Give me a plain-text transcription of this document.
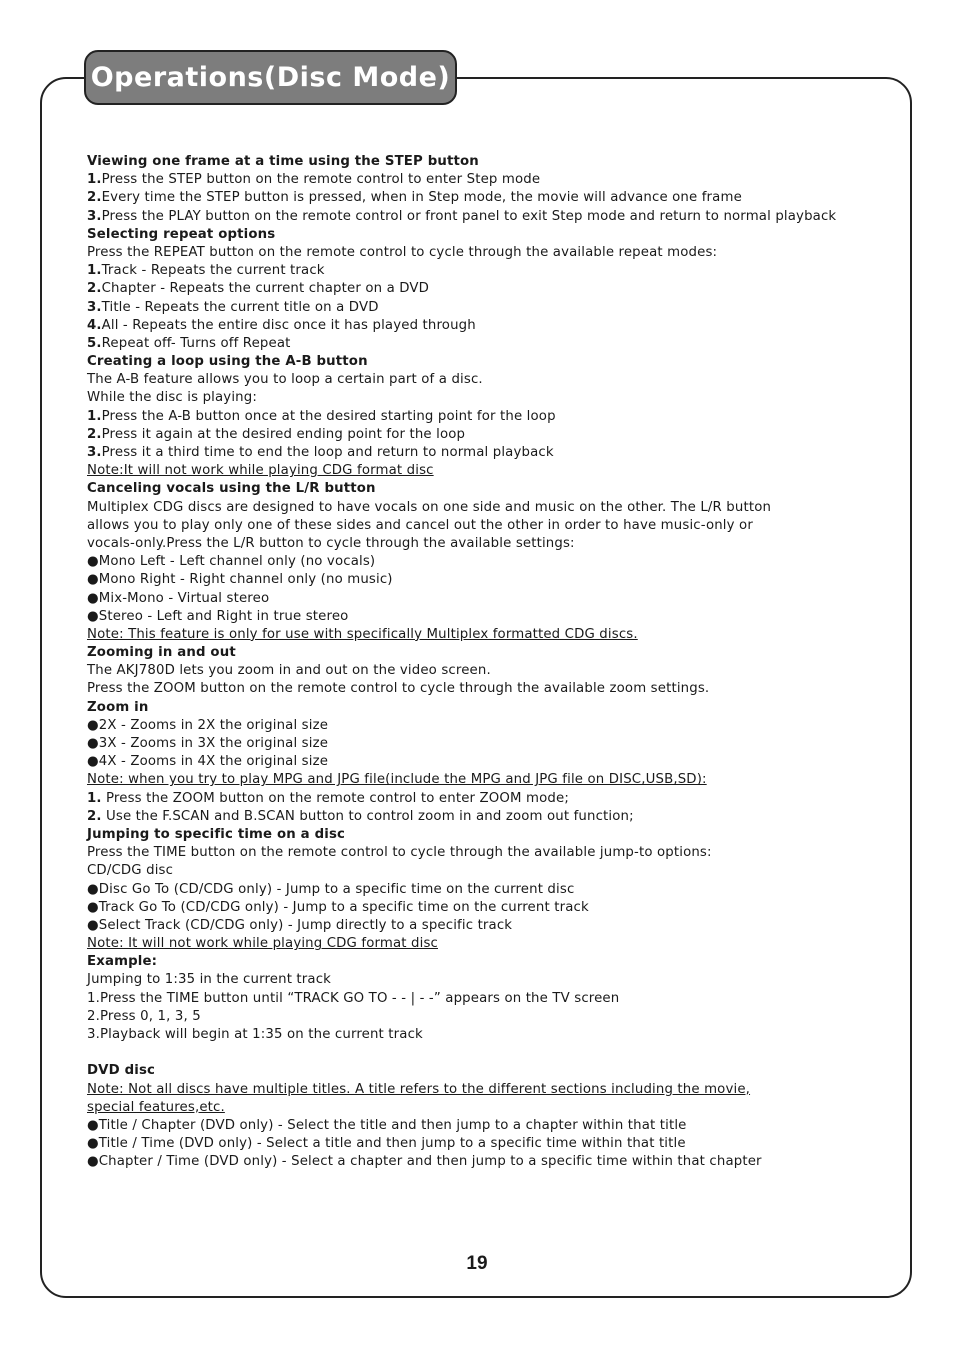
Operations(Disc Mode)
Viewing one frame at a time using the STEP button
1.Press the STEP button on the remote control to enter Step mode
2.Every time the STEP button is pressed, when in Step mode, the movie will advance one frame
3.Press the PLAY button on the remote control or front panel to exit Step mode and return to normal playback
Selecting repeat options
Press the REPEAT button on the remote control to cycle through the available repeat modes:
1.Track - Repeats the current track
2.Chapter - Repeats the current chapter on a DVD
3.Title - Repeats the current title on a DVD
4.All - Repeats the entire disc once it has played through
5.Repeat off- Turns off Repeat
Creating a loop using the A-B button
The A-B feature allows you to loop a certain part of a disc.
While the disc is playing:
1.Press the A-B button once at the desired starting point for the loop
2.Press it again at the desired ending point for the loop
3.Press it a third time to end the loop and return to normal playback
Note:It will not work while playing CDG format disc
Canceling vocals using the L/R button
Multiplex CDG discs are designed to have vocals on one side and music on the other. The L/R button
allows you to play only one of these sides and cancel out the other in order to have music-only or
vocals-only.Press the L/R button to cycle through the available settings:
●Mono Left - Left channel only (no vocals)
●Mono Right - Right channel only (no music)
●Mix-Mono - Virtual stereo
●Stereo - Left and Right in true stereo
Note: This feature is only for use with specifically Multiplex formatted CDG discs.
Zooming in and out
The AKJ780D lets you zoom in and out on the video screen.
Press the ZOOM button on the remote control to cycle through the available zoom settings.
Zoom in
●2X - Zooms in 2X the original size
●3X - Zooms in 3X the original size
●4X - Zooms in 4X the original size
Note: when you try to play MPG and JPG file(include the MPG and JPG file on DISC,USB,SD):
1. Press the ZOOM button on the remote control to enter ZOOM mode;
2. Use the F.SCAN and B.SCAN button to control zoom in and zoom out function;
Jumping to specific time on a disc
Press the TIME button on the remote control to cycle through the available jump-to options:
CD/CDG disc
●Disc Go To (CD/CDG only) - Jump to a specific time on the current disc
●Track Go To (CD/CDG only) - Jump to a specific time on the current track
●Select Track (CD/CDG only) - Jump directly to a specific track
Note: It will not work while playing CDG format disc
Example:
Jumping to 1:35 in the current track
1.Press the TIME button until “TRACK GO TO - - | - -” appears on the TV screen
2.Press 0, 1, 3, 5
3.Playback will begin at 1:35 on the current track
DVD disc
Note: Not all discs have multiple titles. A title refers to the different sections including the movie,
special features,etc.
●Title / Chapter (DVD only) - Select the title and then jump to a chapter within that title
●Title / Time (DVD only) - Select a title and then jump to a specific time within that title
●Chapter / Time (DVD only) - Select a chapter and then jump to a specific time within that chapter
19
